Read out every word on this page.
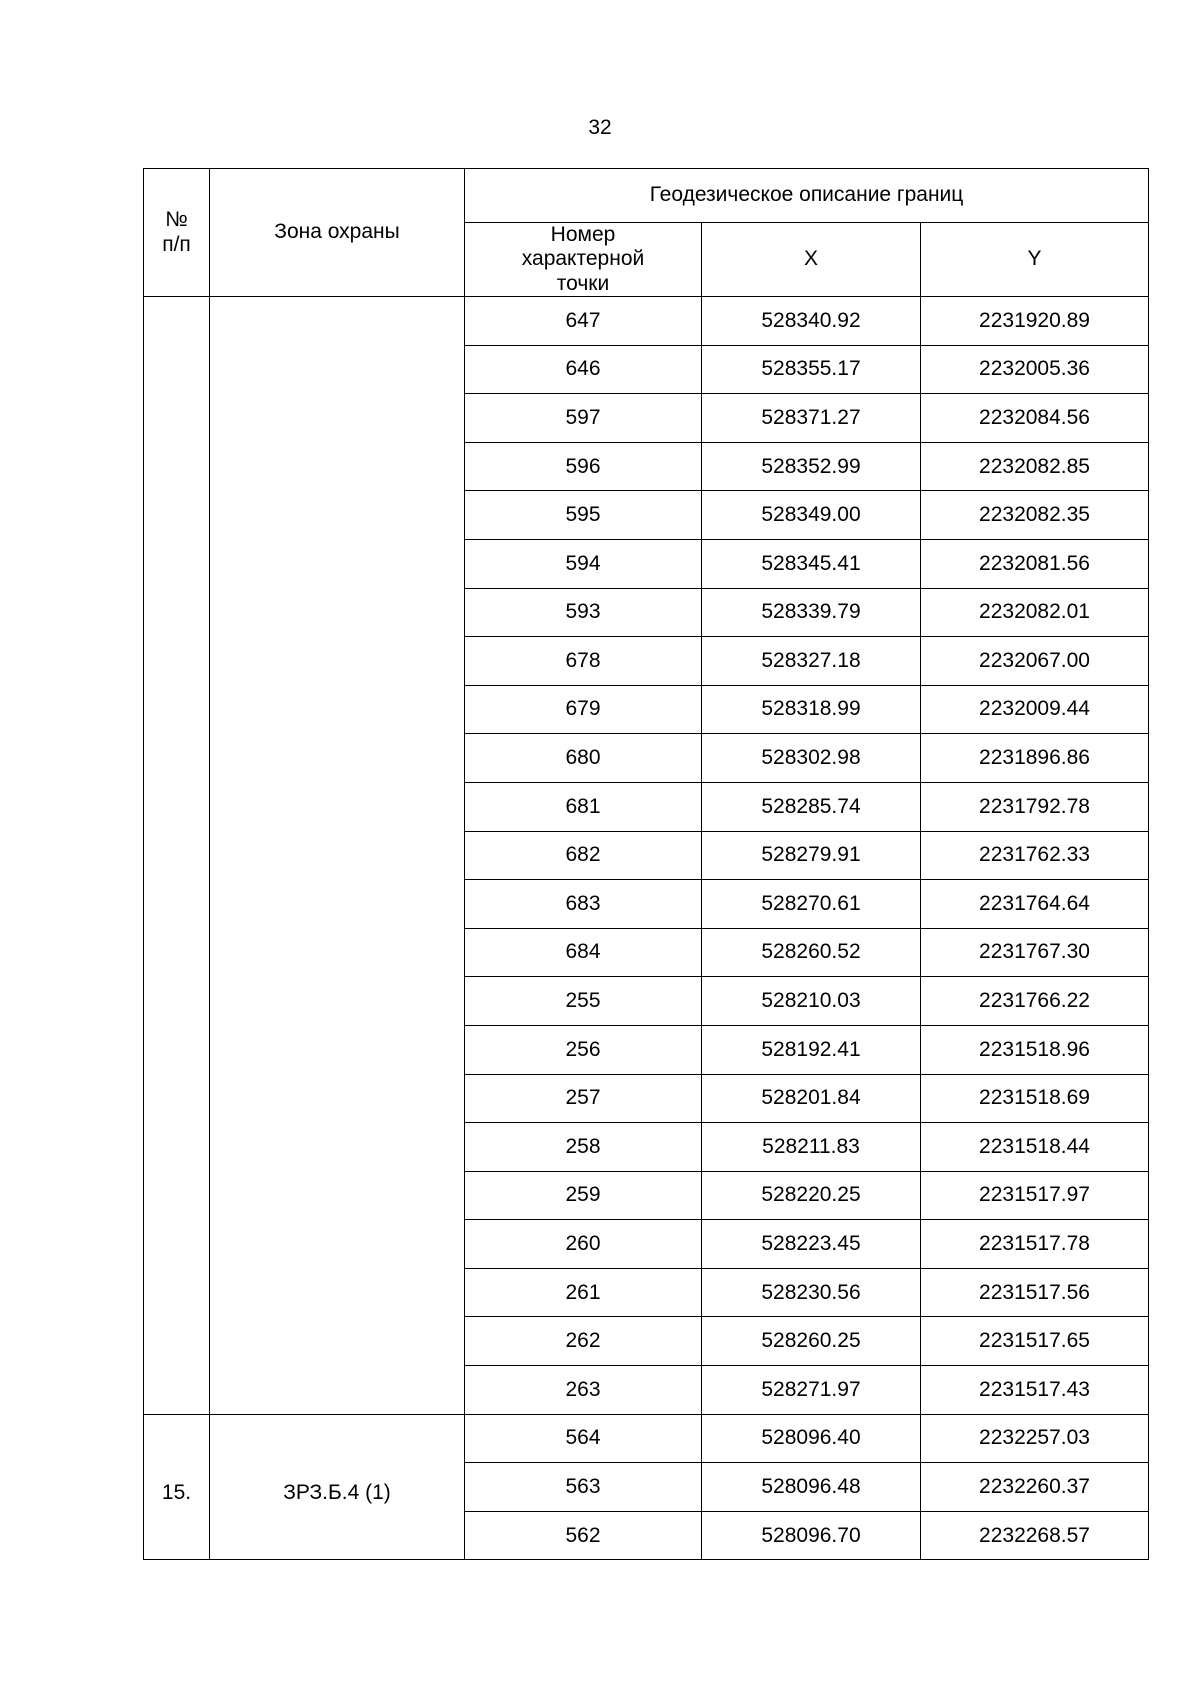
32
№
п/п	Зона охраны	Геодезическое описание границ		
		Номер характерной точки	X	Y
		647	528340.92	2231920.89
		646	528355.17	2232005.36
		597	528371.27	2232084.56
		596	528352.99	2232082.85
		595	528349.00	2232082.35
		594	528345.41	2232081.56
		593	528339.79	2232082.01
		678	528327.18	2232067.00
		679	528318.99	2232009.44
		680	528302.98	2231896.86
		681	528285.74	2231792.78
		682	528279.91	2231762.33
		683	528270.61	2231764.64
		684	528260.52	2231767.30
		255	528210.03	2231766.22
		256	528192.41	2231518.96
		257	528201.84	2231518.69
		258	528211.83	2231518.44
		259	528220.25	2231517.97
		260	528223.45	2231517.78
		261	528230.56	2231517.56
		262	528260.25	2231517.65
		263	528271.97	2231517.43
15.	ЗРЗ.Б.4 (1)	564	528096.40	2232257.03
		563	528096.48	2232260.37
		562	528096.70	2232268.57
